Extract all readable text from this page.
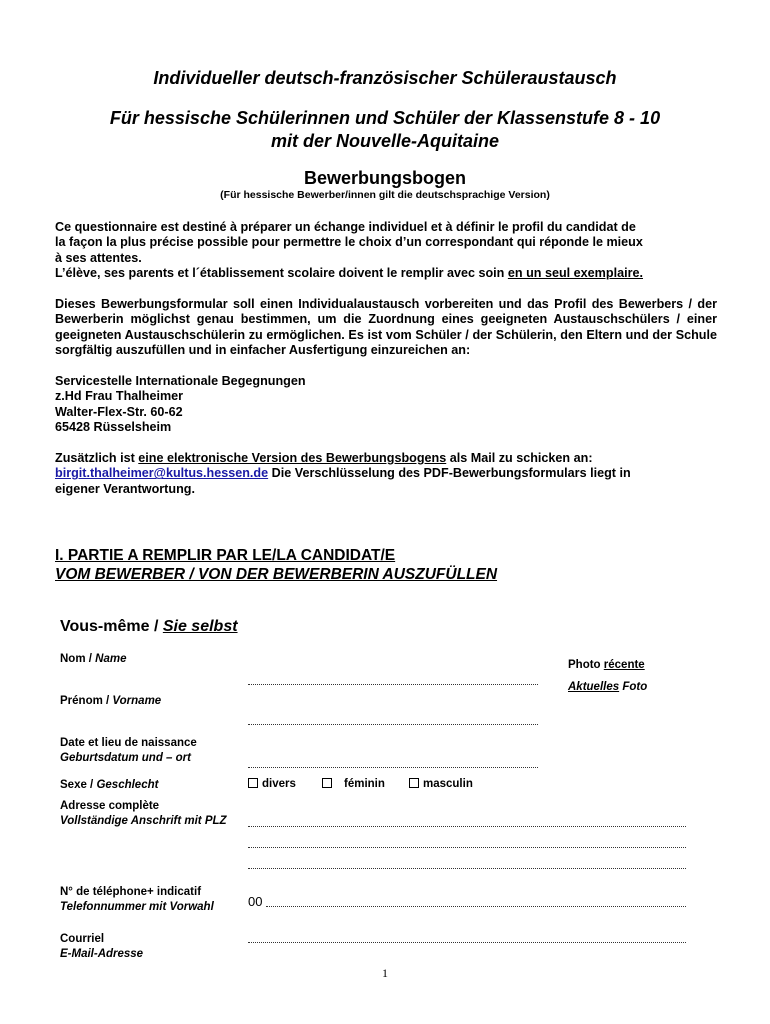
Individueller deutsch-französischer Schüleraustausch
Für hessische Schülerinnen und Schüler der Klassenstufe 8 - 10
mit der Nouvelle-Aquitaine
Bewerbungsbogen
(Für hessische Bewerber/innen gilt die deutschsprachige Version)
Ce questionnaire est destiné à préparer un échange individuel et à définir le profil du candidat de
la façon la plus précise possible pour permettre le choix d’un correspondant qui réponde le mieux
à ses attentes.
L’élève, ses parents et l´établissement scolaire doivent le remplir avec soin en un seul exemplaire.
Dieses Bewerbungsformular soll einen Individualaustausch vorbereiten und das Profil des Bewerbers / der Bewerberin möglichst genau bestimmen, um die Zuordnung eines geeigneten Austauschschülers / einer geeigneten Austauschschülerin zu ermöglichen. Es ist vom Schüler / der Schülerin, den Eltern und der Schule sorgfältig auszufüllen und in einfacher Ausfertigung einzureichen an:
Servicestelle Internationale Begegnungen
z.Hd Frau Thalheimer
Walter-Flex-Str. 60-62
65428 Rüsselsheim
Zusätzlich ist eine elektronische Version des Bewerbungsbogens als Mail zu schicken an:
birgit.thalheimer@kultus.hessen.de Die Verschlüsselung des PDF-Bewerbungsformulars liegt in
eigener Verantwortung.
I. PARTIE A REMPLIR PAR LE/LA CANDIDAT/E
VOM BEWERBER / VON DER BEWERBERIN AUSZUFÜLLEN
Vous-même / Sie selbst
Photo récente
Aktuelles Foto
Nom / Name
Prénom / Vorname
Date et lieu de naissance
Geburtsdatum und – ort
Sexe / Geschlecht	divers	féminin	masculin
Adresse complète
Vollständige Anschrift mit PLZ
N° de téléphone+ indicatif
Telefonnummer mit Vorwahl	00
Courriel
E-Mail-Adresse
1
